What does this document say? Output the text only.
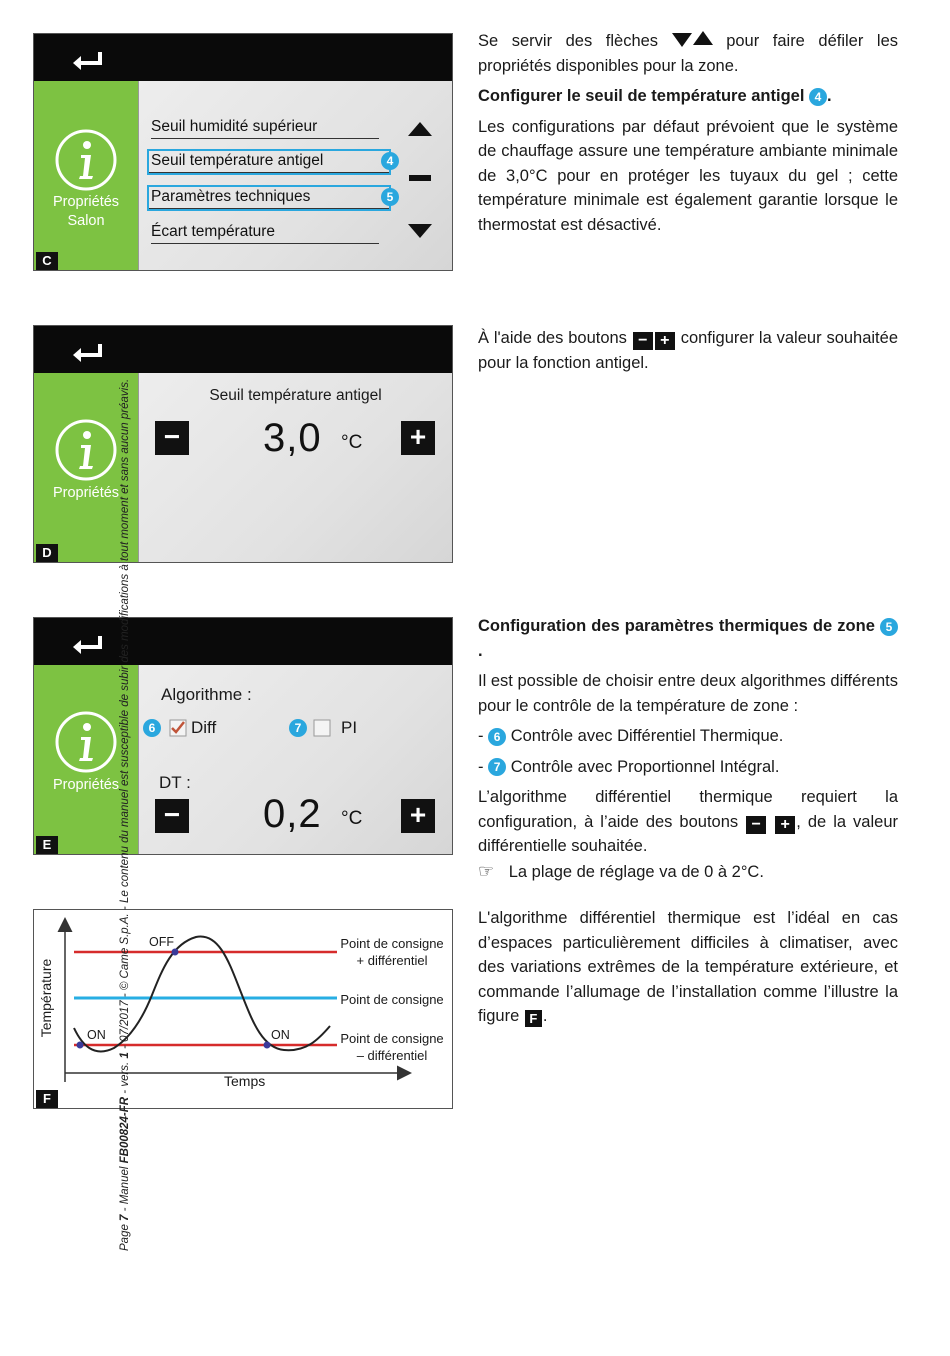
Propriétés
Salon
Seuil humidité supérieur
Seuil température antigel
Paramètres techniques
Écart température
4
5
C
Propriétés
Seuil température antigel
− 3,0 °C	+
D
Propriétés
Algorithme :
6	Diff	7	PI
DT :
− 0,2 °C	+
E
Température
Temps
OFF
ON	ON
Point de consigne
+ différentiel
Point de consigne
Point de consigne
– différentiel
F

Se servir des flèches	pour faire défiler les propriétés disponibles pour la zone.

Configurer le seuil de température antigel 4 .

Les configurations par défaut prévoient que le système de chauffage assure une température ambiante minimale de 3,0°C pour en protéger les tuyaux du gel ; cette température minimale est également garantie lorsque le thermostat est désactivé.

À l'aide des boutons − + configurer la valeur souhaitée pour la fonction antigel.

Configuration des paramètres thermiques de zone 5.

Il est possible de choisir entre deux algorithmes différents pour le contrôle de la température de zone :

- 6 Contrôle avec Différentiel Thermique.

- 7 Contrôle avec Proportionnel Intégral.

L’algorithme différentiel thermique requiert la configuration, à l’aide des boutons − + , de la valeur différentielle souhaitée.

☞ La plage de réglage va de 0 à 2°C.

L'algorithme différentiel thermique est l’idéal en cas d’espaces particulièrement difficiles à climatiser, avec des variations extrêmes de la température extérieure, et commande l’allumage de l’installation comme l’illustre la figure F .

Page 7 - Manuel FB00824-FR - vers. 1 - 07/2017 - © Came S.p.A. - Le contenu du manuel est susceptible de subir des modifications à tout moment et sans aucun préavis.
